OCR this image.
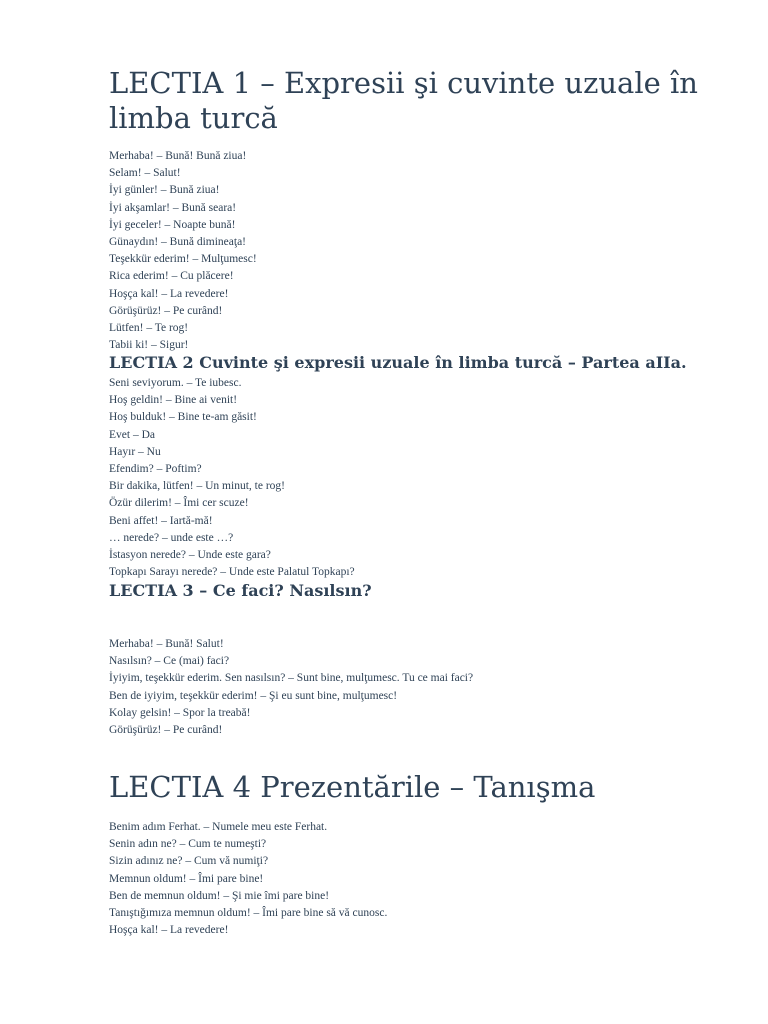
LECTIA 1 – Expresii şi cuvinte uzuale în limba turcă
Merhaba! – Bună! Bună ziua!
Selam! – Salut!
İyi günler! – Bună ziua!
İyi akşamlar! – Bună seara!
İyi geceler! – Noapte bună!
Günaydın! – Bună dimineaţa!
Teşekkür ederim! – Mulţumesc!
Rica ederim! – Cu plăcere!
Hoşça kal! – La revedere!
Görüşürüz! – Pe curând!
Lütfen! – Te rog!
Tabii ki! – Sigur!
LECTIA 2 Cuvinte şi expresii uzuale în limba turcă – Partea aIIa.
Seni seviyorum. – Te iubesc.
Hoş geldin! – Bine ai venit!
Hoş bulduk! – Bine te-am găsit!
Evet – Da
Hayır – Nu
Efendim? – Poftim?
Bir dakika, lütfen! – Un minut, te rog!
Özür dilerim! – Îmi cer scuze!
Beni affet! – Iartă-mă!
… nerede? – unde este …?
İstasyon nerede? – Unde este gara?
Topkapı Sarayı nerede? – Unde este Palatul Topkapı?
LECTIA 3 – Ce faci? Nasılsın?
Merhaba! – Bună! Salut!
Nasılsın? – Ce (mai) faci?
İyiyim, teşekkür ederim. Sen nasılsın? – Sunt bine, mulţumesc. Tu ce mai faci?
Ben de iyiyim, teşekkür ederim! – Şi eu sunt bine, mulţumesc!
Kolay gelsin! – Spor la treabă!
Görüşürüz! – Pe curând!
LECTIA 4 Prezentările – Tanışma
Benim adım Ferhat. – Numele meu este Ferhat.
Senin adın ne? – Cum te numeşti?
Sizin adınız ne? – Cum vă numiţi?
Memnun oldum! – Îmi pare bine!
Ben de memnun oldum! – Şi mie îmi pare bine!
Tanıştığımıza memnun oldum! – Îmi pare bine să vă cunosc.
Hoşça kal! – La revedere!
